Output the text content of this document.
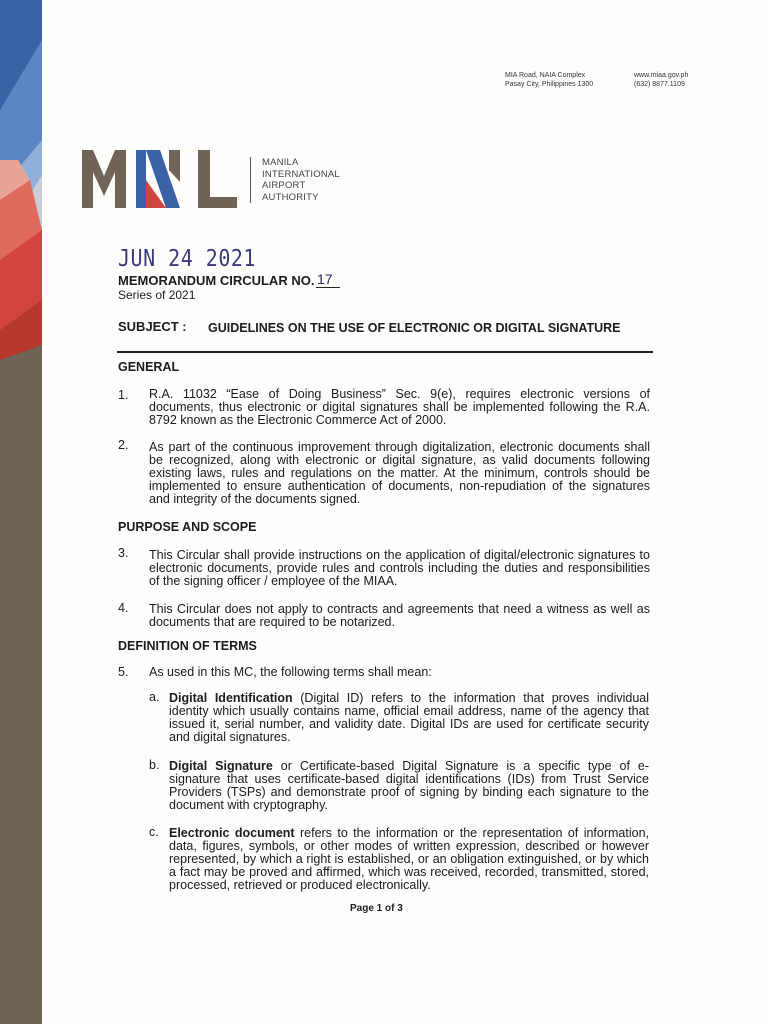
MIA Road, NAIA Complex
Pasay City, Philippines 1300
www.miaa.gov.ph
(632) 8877.1109
MANILA
INTERNATIONAL
AIRPORT
AUTHORITY
JUN 24 2021
MEMORANDUM CIRCULAR NO. 17
Series of 2021
SUBJECT : GUIDELINES ON THE USE OF ELECTRONIC OR DIGITAL SIGNATURE
GENERAL
1. R.A. 11032 “Ease of Doing Business” Sec. 9(e), requires electronic versions of documents, thus electronic or digital signatures shall be implemented following the R.A. 8792 known as the Electronic Commerce Act of 2000.
2. As part of the continuous improvement through digitalization, electronic documents shall be recognized, along with electronic or digital signature, as valid documents following existing laws, rules and regulations on the matter. At the minimum, controls should be implemented to ensure authentication of documents, non-repudiation of the signatures and integrity of the documents signed.
PURPOSE AND SCOPE
3. This Circular shall provide instructions on the application of digital/electronic signatures to electronic documents, provide rules and controls including the duties and responsibilities of the signing officer / employee of the MIAA.
4. This Circular does not apply to contracts and agreements that need a witness as well as documents that are required to be notarized.
DEFINITION OF TERMS
5. As used in this MC, the following terms shall mean:
a. Digital Identification (Digital ID) refers to the information that proves individual identity which usually contains name, official email address, name of the agency that issued it, serial number, and validity date. Digital IDs are used for certificate security and digital signatures.
b. Digital Signature or Certificate-based Digital Signature is a specific type of e-signature that uses certificate-based digital identifications (IDs) from Trust Service Providers (TSPs) and demonstrate proof of signing by binding each signature to the document with cryptography.
c. Electronic document refers to the information or the representation of information, data, figures, symbols, or other modes of written expression, described or however represented, by which a right is established, or an obligation extinguished, or by which a fact may be proved and affirmed, which was received, recorded, transmitted, stored, processed, retrieved or produced electronically.
Page 1 of 3
